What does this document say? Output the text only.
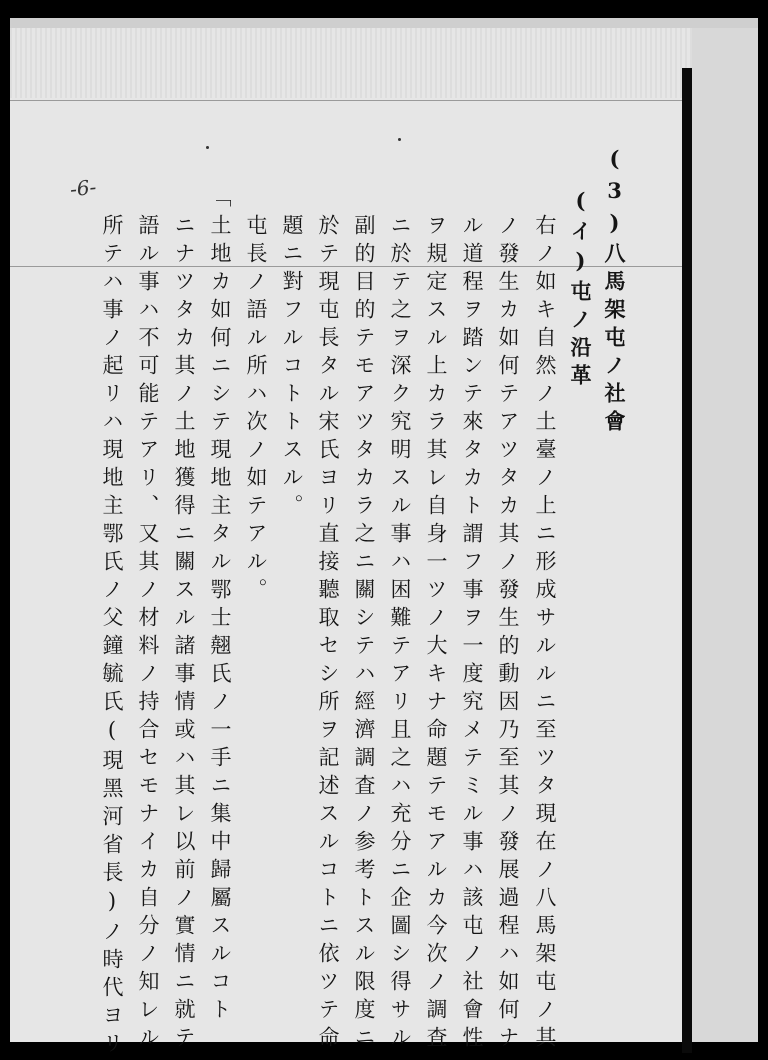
-6-	(3)八馬架屯ノ社會
(イ)屯ノ沿革
右ノ如キ自然ノ土臺ノ上ニ形成サルルニ至ツタ現在ノ八馬架屯ノ其
ノ發生カ如何テアツタカ其ノ發生的動因乃至其ノ發展過程ハ如何ナ
ル道程ヲ踏ンテ來タカト謂フ事ヲ一度究メテミル事ハ該屯ノ社會性
ヲ規定スル上カラ其レ自身一ツノ大キナ命題テモアルカ今次ノ調査
ニ於テ之ヲ深ク究明スル事ハ困難テアリ且之ハ充分ニ企圖シ得サル
副的目的テモアツタカラ之ニ關シテハ經濟調査ノ参考トスル限度ニ
於テ現屯長タル宋氏ヨリ直接聽取セシ所ヲ記述スルコトニ依ツテ命
題ニ對フルコトトスル。
屯長ノ語ル所ハ次ノ如テアル。
「土地カ如何ニシテ現地主タル鄂士翹氏ノ一手ニ集中歸屬スルコト
ニナツタカ其ノ土地獲得ニ關スル諸事情或ハ其レ以前ノ實情ニ就テ
語ル事ハ不可能テアリ、又其ノ材料ノ持合セモナイカ自分ノ知レル
所テハ事ノ起リハ現地主鄂氏ノ父鐘毓氏(現黑河省長)ノ時代ヨリ
